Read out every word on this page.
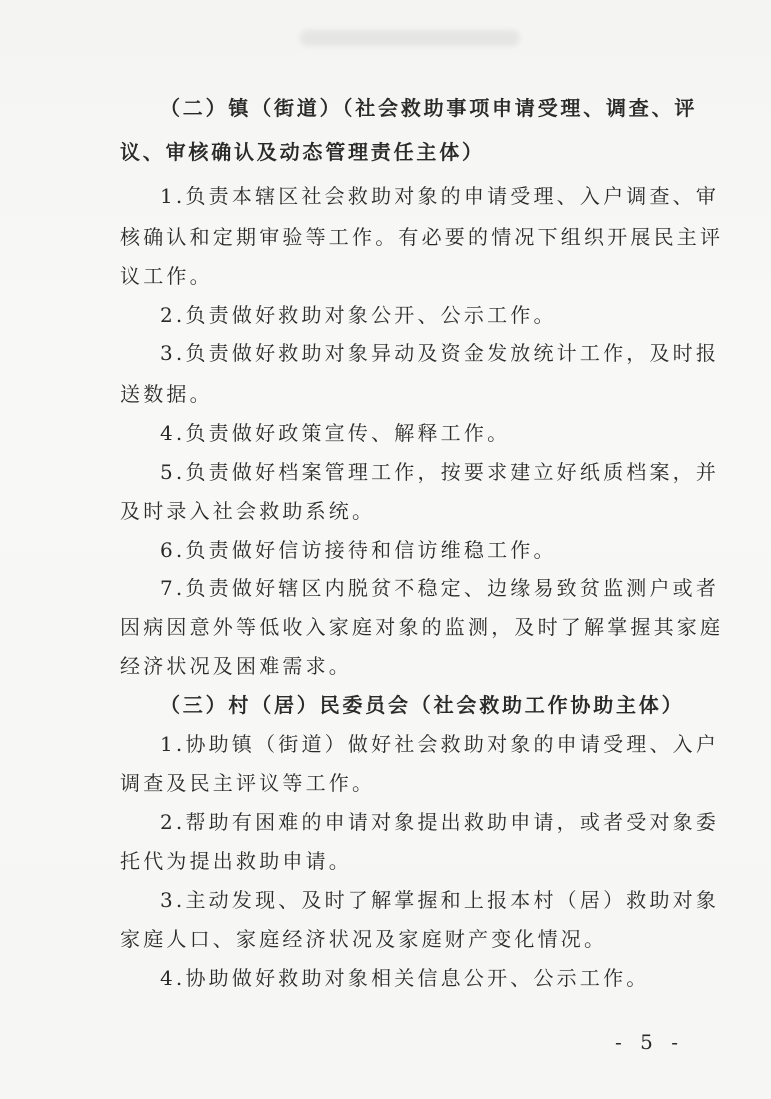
（二）镇（街道）（社会救助事项申请受理、调查、评
议、审核确认及动态管理责任主体）
1.负责本辖区社会救助对象的申请受理、入户调查、审
核确认和定期审验等工作。有必要的情况下组织开展民主评
议工作。
2.负责做好救助对象公开、公示工作。
3.负责做好救助对象异动及资金发放统计工作，及时报
送数据。
4.负责做好政策宣传、解释工作。
5.负责做好档案管理工作，按要求建立好纸质档案，并
及时录入社会救助系统。
6.负责做好信访接待和信访维稳工作。
7.负责做好辖区内脱贫不稳定、边缘易致贫监测户或者
因病因意外等低收入家庭对象的监测，及时了解掌握其家庭
经济状况及困难需求。
（三）村（居）民委员会（社会救助工作协助主体）
1.协助镇（街道）做好社会救助对象的申请受理、入户
调查及民主评议等工作。
2.帮助有困难的申请对象提出救助申请，或者受对象委
托代为提出救助申请。
3.主动发现、及时了解掌握和上报本村（居）救助对象
家庭人口、家庭经济状况及家庭财产变化情况。
4.协助做好救助对象相关信息公开、公示工作。
- 5 -
